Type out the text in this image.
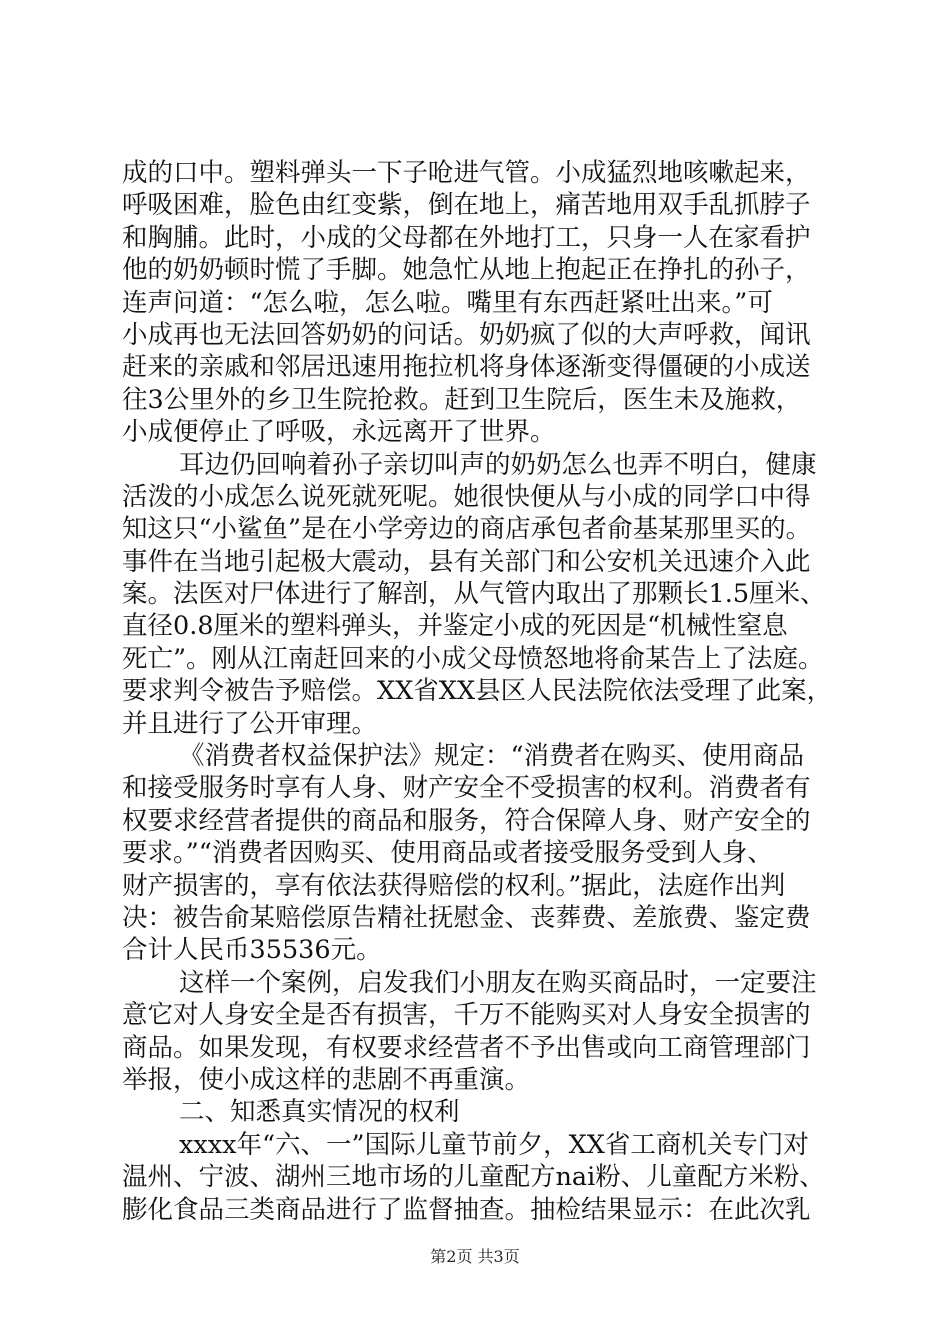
成的口中。塑料弹头一下子呛进气管。小成猛烈地咳嗽起来，
呼吸困难，脸色由红变紫，倒在地上，痛苦地用双手乱抓脖子
和胸脯。此时，小成的父母都在外地打工，只身一人在家看护
他的奶奶顿时慌了手脚。她急忙从地上抱起正在挣扎的孙子，
连声问道：“怎么啦，怎么啦。嘴里有东西赶紧吐出来。”可
小成再也无法回答奶奶的问话。奶奶疯了似的大声呼救，闻讯
赶来的亲戚和邻居迅速用拖拉机将身体逐渐变得僵硬的小成送
往3公里外的乡卫生院抢救。赶到卫生院后，医生未及施救，
小成便停止了呼吸，永远离开了世界。
耳边仍回响着孙子亲切叫声的奶奶怎么也弄不明白，健康
活泼的小成怎么说死就死呢。她很快便从与小成的同学口中得
知这只“小鲨鱼”是在小学旁边的商店承包者俞基某那里买的。
事件在当地引起极大震动，县有关部门和公安机关迅速介入此
案。法医对尸体进行了解剖，从气管内取出了那颗长1.5厘米、
直径0.8厘米的塑料弹头，并鉴定小成的死因是“机械性窒息
死亡”。刚从江南赶回来的小成父母愤怒地将俞某告上了法庭。
要求判令被告予赔偿。XX省XX县区人民法院依法受理了此案，
并且进行了公开审理。
《消费者权益保护法》规定：“消费者在购买、使用商品
和接受服务时享有人身、财产安全不受损害的权利。消费者有
权要求经营者提供的商品和服务，符合保障人身、财产安全的
要求。”“消费者因购买、使用商品或者接受服务受到人身、
财产损害的，享有依法获得赔偿的权利。”据此，法庭作出判
决：被告俞某赔偿原告精社抚慰金、丧葬费、差旅费、鉴定费
合计人民币35536元。
这样一个案例，启发我们小朋友在购买商品时，一定要注
意它对人身安全是否有损害，千万不能购买对人身安全损害的
商品。如果发现，有权要求经营者不予出售或向工商管理部门
举报，使小成这样的悲剧不再重演。
二、知悉真实情况的权利
xxxx年“六、一”国际儿童节前夕，XX省工商机关专门对
温州、宁波、湖州三地市场的儿童配方nai粉、儿童配方米粉、
膨化食品三类商品进行了监督抽查。抽检结果显示：在此次乳
第2页 共3页
